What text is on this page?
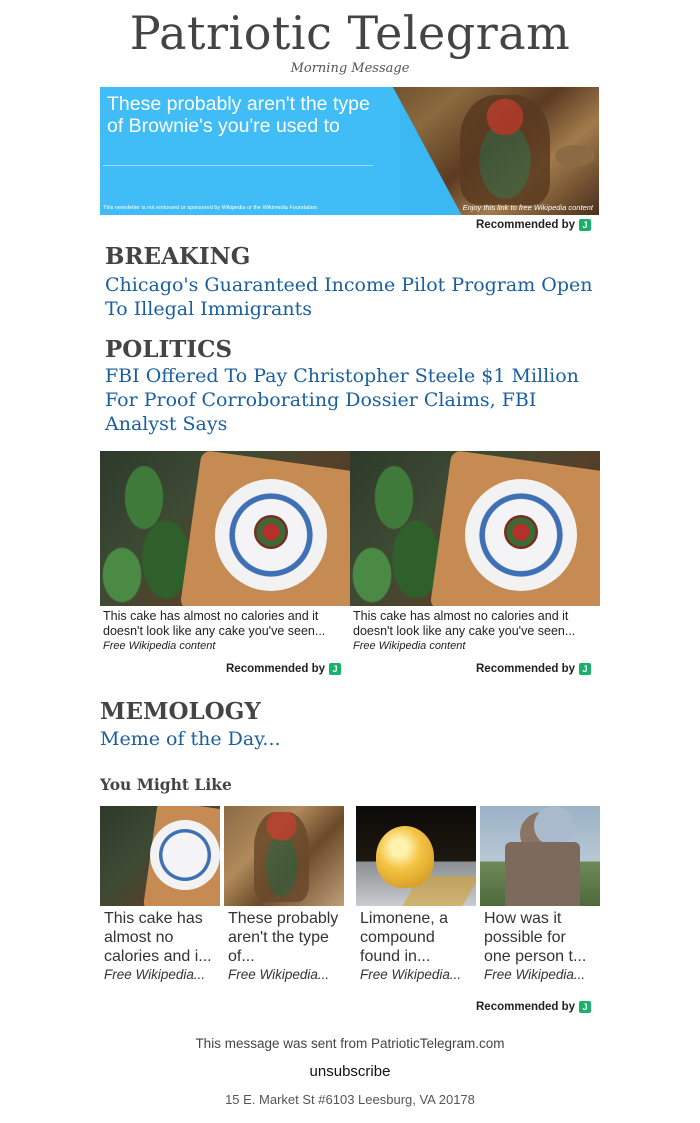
Patriotic Telegram
Morning Message
These probably aren't the type of Brownie's you're used to
This newsletter is not endorsed or sponsored by Wikipedia or the Wikimedia Foundation.	Enjoy this link to free Wikipedia content
Recommended by J
BREAKING
Chicago's Guaranteed Income Pilot Program Open To Illegal Immigrants
POLITICS
FBI Offered To Pay Christopher Steele $1 Million For Proof Corroborating Dossier Claims, FBI Analyst Says
This cake has almost no calories and it doesn't look like any cake you've seen...
Free Wikipedia content
This cake has almost no calories and it doesn't look like any cake you've seen...
Free Wikipedia content
Recommended by J	Recommended by J
MEMOLOGY
Meme of the Day...
You Might Like
This cake has almost no calories and i...
Free Wikipedia...
These probably aren't the type of...
Free Wikipedia...
Limonene, a compound found in...
Free Wikipedia...
How was it possible for one person t...
Free Wikipedia...
Recommended by J
This message was sent from PatrioticTelegram.com
unsubscribe
15 E. Market St #6103 Leesburg, VA 20178
